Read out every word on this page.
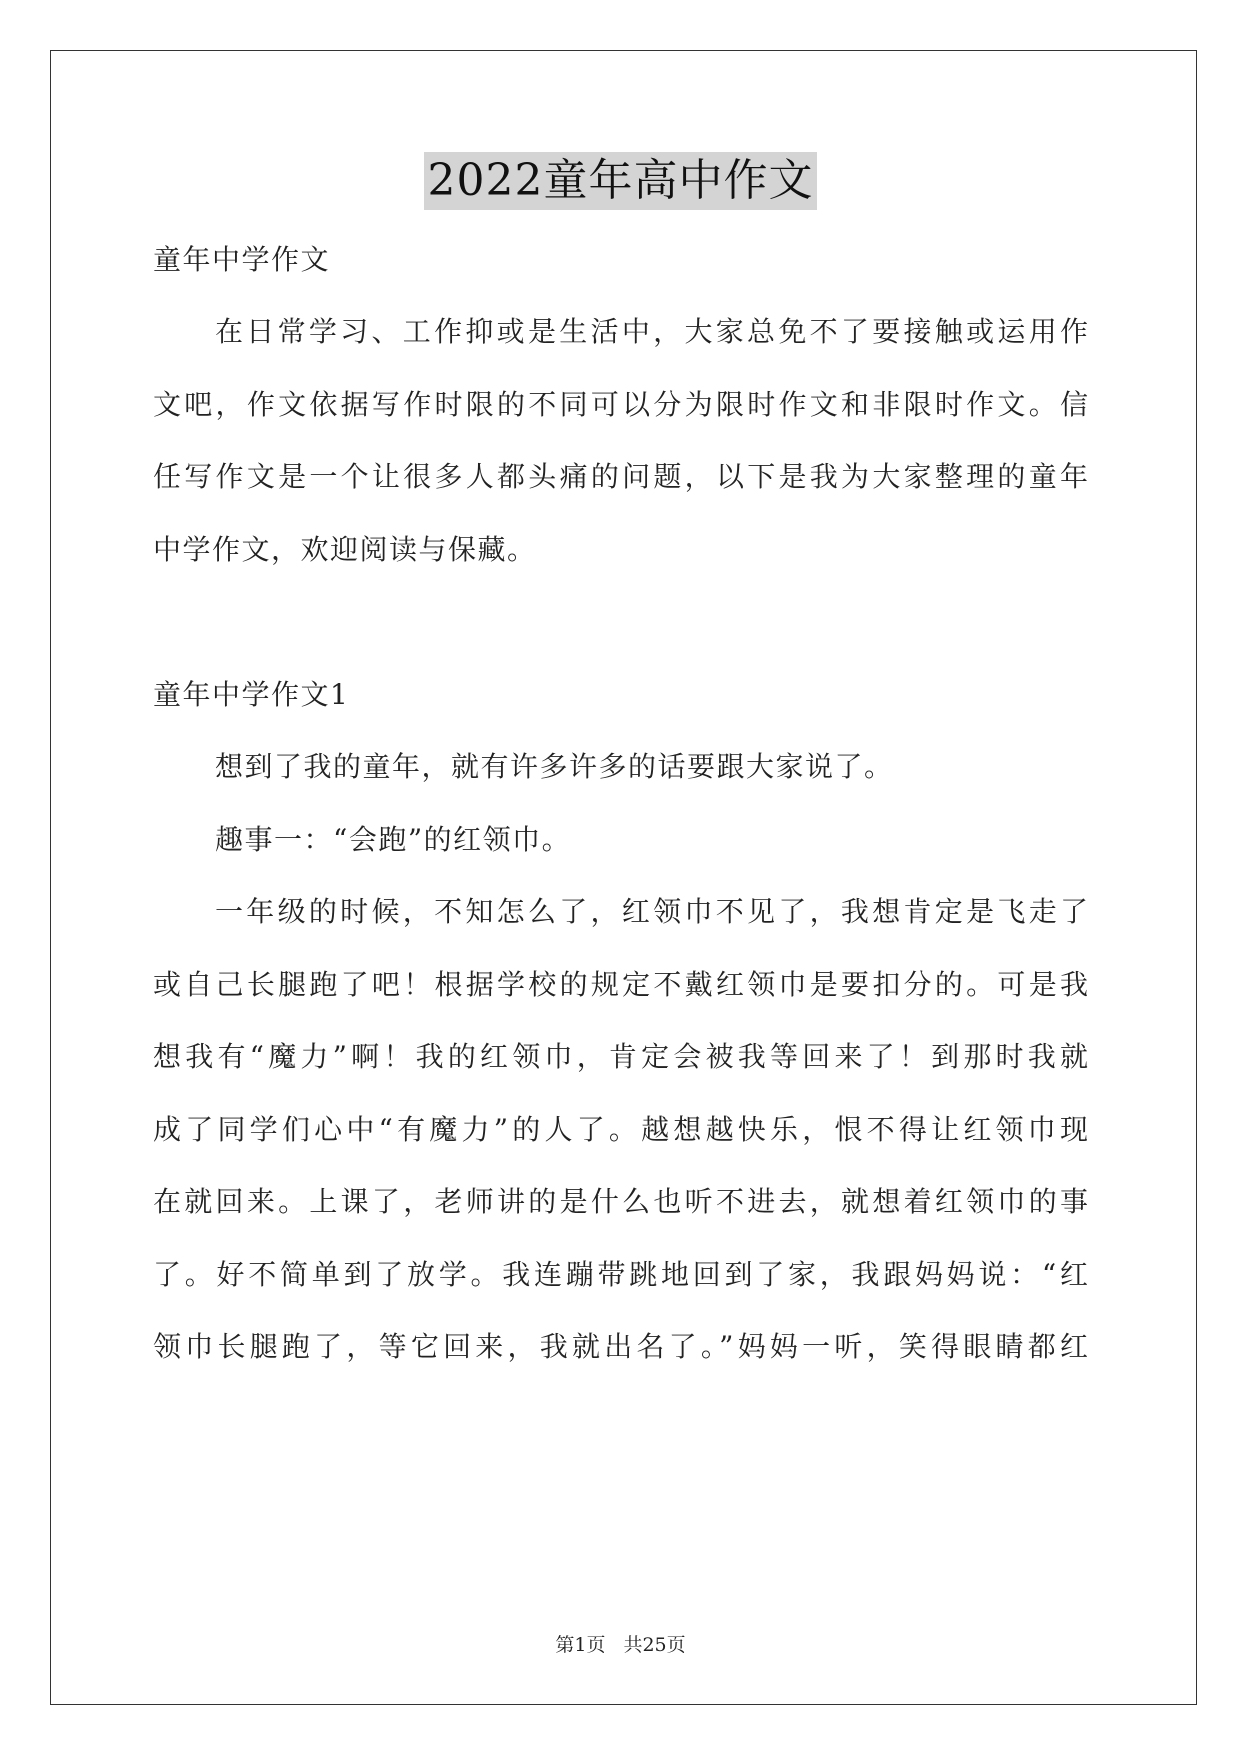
2022童年高中作文
童年中学作文
在日常学习、工作抑或是生活中，大家总免不了要接触或运用作
文吧，作文依据写作时限的不同可以分为限时作文和非限时作文。信
任写作文是一个让很多人都头痛的问题，以下是我为大家整理的童年
中学作文，欢迎阅读与保藏。
童年中学作文1
想到了我的童年，就有许多许多的话要跟大家说了。
趣事一：“会跑”的红领巾。
一年级的时候，不知怎么了，红领巾不见了，我想肯定是飞走了
或自己长腿跑了吧！根据学校的规定不戴红领巾是要扣分的。可是我
想我有“魔力”啊！我的红领巾，肯定会被我等回来了！到那时我就
成了同学们心中“有魔力”的人了。越想越快乐，恨不得让红领巾现
在就回来。上课了，老师讲的是什么也听不进去，就想着红领巾的事
了。好不简单到了放学。我连蹦带跳地回到了家，我跟妈妈说：“红
领巾长腿跑了，等它回来，我就出名了。”妈妈一听，笑得眼睛都红
第1页 共25页
